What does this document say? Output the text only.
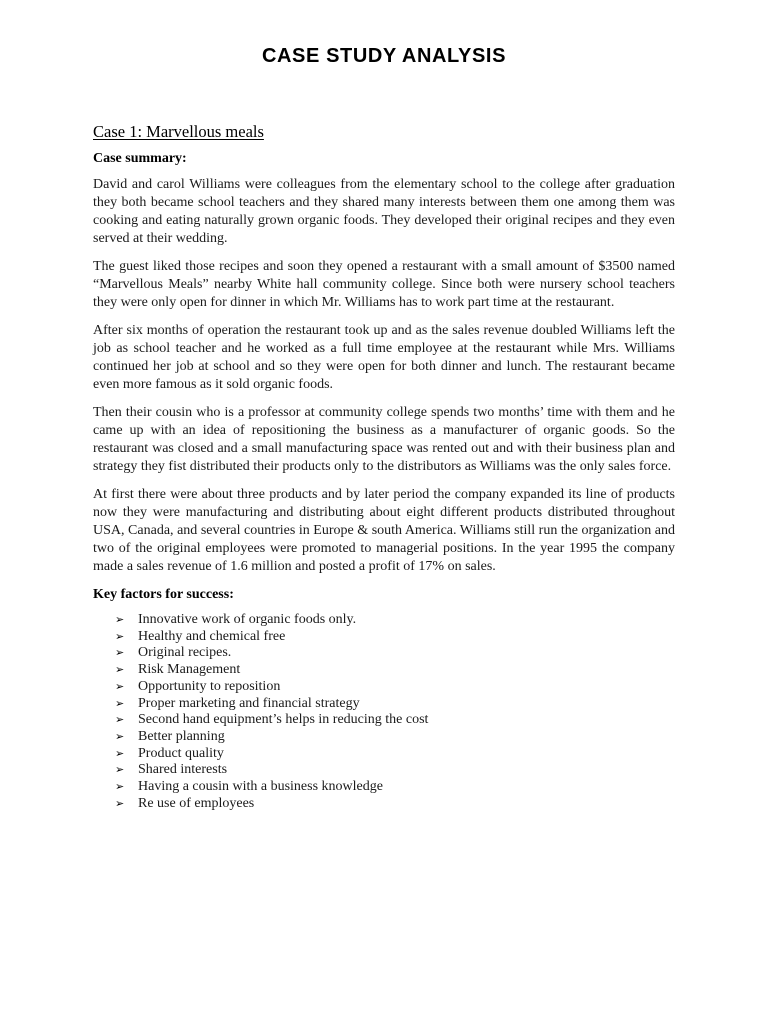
CASE STUDY ANALYSIS
Case 1: Marvellous meals
Case summary:

David and carol Williams were colleagues from the elementary school to the college after graduation they both became school teachers and they shared many interests between them one among them was cooking and eating naturally grown organic foods. They developed their original recipes and they even served at their wedding.

The guest liked those recipes and soon they opened a restaurant with a small amount of $3500 named “Marvellous Meals” nearby White hall community college. Since both were nursery school teachers they were only open for dinner in which Mr. Williams has to work part time at the restaurant.

After six months of operation the restaurant took up and as the sales revenue doubled Williams left the job as school teacher and he worked as a full time employee at the restaurant while Mrs. Williams continued her job at school and so they were open for both dinner and lunch. The restaurant became even more famous as it sold organic foods.

Then their cousin who is a professor at community college spends two months’ time with them and he came up with an idea of repositioning the business as a manufacturer of organic goods. So the restaurant was closed and a small manufacturing space was rented out and with their business plan and strategy they fist distributed their products only to the distributors as Williams was the only sales force.

At first there were about three products and by later period the company expanded its line of products now they were manufacturing and distributing about eight different products distributed throughout USA, Canada, and several countries in Europe & south America. Williams still run the organization and two of the original employees were promoted to managerial positions. In the year 1995 the company made a sales revenue of 1.6 million and posted a profit of 17% on sales.

Key factors for success:
➢ Innovative work of organic foods only.
➢ Healthy and chemical free
➢ Original recipes.
➢ Risk Management
➢ Opportunity to reposition
➢ Proper marketing and financial strategy
➢ Second hand equipment’s helps in reducing the cost
➢ Better planning
➢ Product quality
➢ Shared interests
➢ Having a cousin with a business knowledge
➢ Re use of employees
